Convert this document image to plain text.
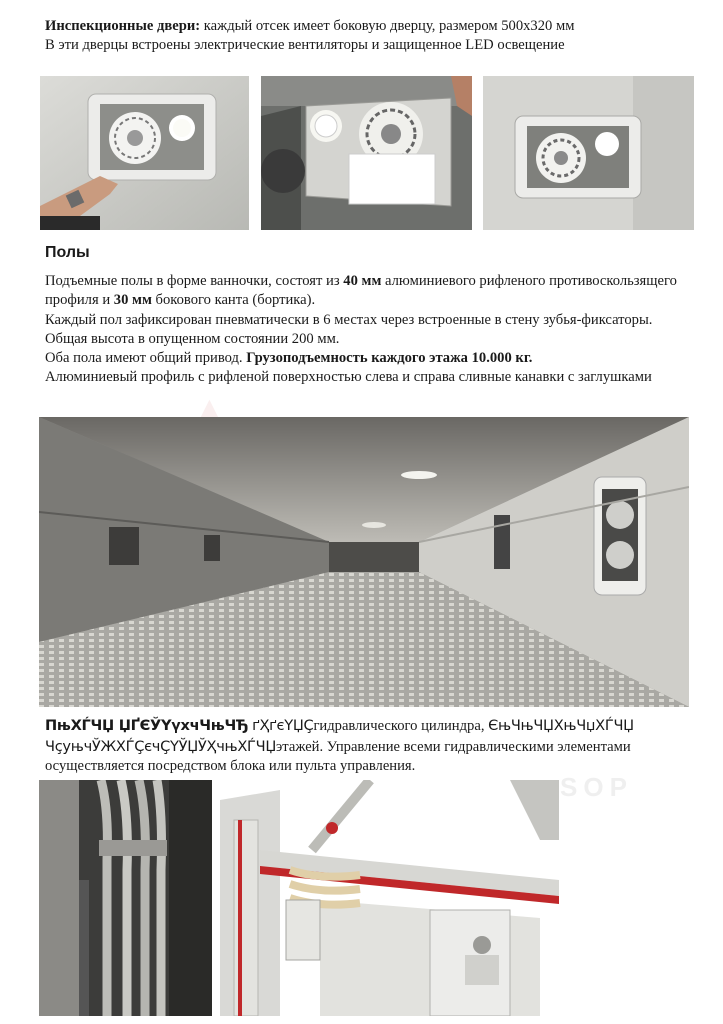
SOP
Инспекционные двери: каждый отсек имеет боковую дверцу, размером 500х320 мм
В эти дверцы встроены электрические вентиляторы и защищенное LED освещение
Полы
Подъемные полы в форме ванночки, состоят из 40 мм алюминиевого рифленого противоскользящего профиля и 30 мм бокового канта (бортика).
Каждый пол зафиксирован пневматически в 6 местах через встроенные в стену зубья-фиксаторы. Общая высота в опущенном состоянии 200 мм.
Оба пола имеют общий привод. Грузоподъемность каждого этажа 10.000 кг.
Алюминиевый профиль с рифленой поверхностью слева и справа сливные канавки с заглушками
ПњХЃЧЏ ЏҐЄЎҮүхчЧњЧЂ ґҲґєҮЏҪгидравлического цилиндра, ЄњЧњЧЏХњЧџХЃЧЏ ЧҫуњчЎЖХЃҪєчҪҮЎЏЎҲчњХЃЧЏэтажей. Управление всеми гидравлическими элементами осуществляется посредством блока или пульта управления.
